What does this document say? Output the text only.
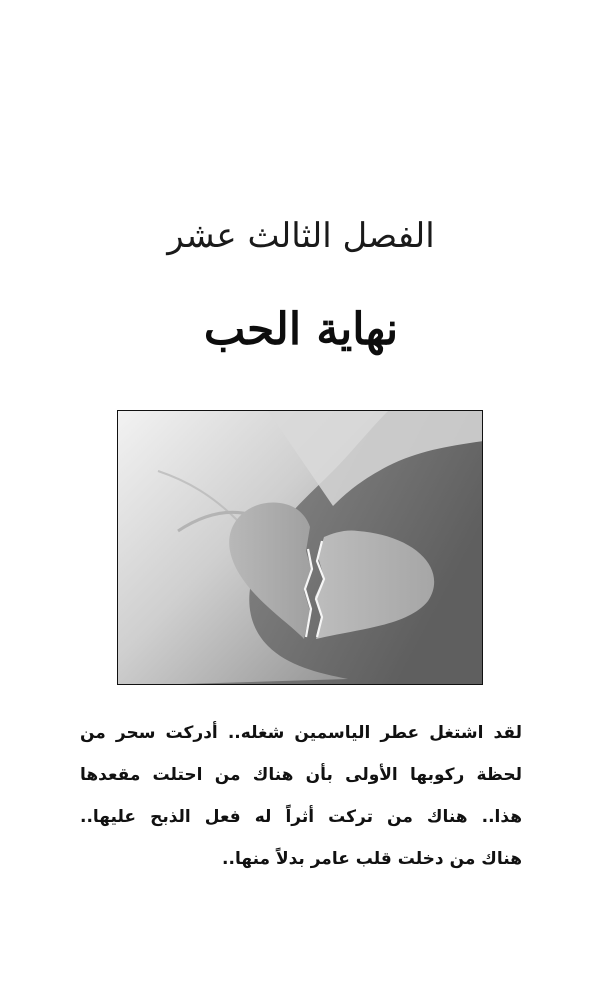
الفصل الثالث عشر
نهاية الحب
لقد اشتغل عطر الياسمين شغله.. أدركت سحر من
لحظة ركوبها الأولى بأن هناك من احتلت مقعدها
هذا.. هناك من تركت أثراً له فعل الذبح عليها..
هناك من دخلت قلب عامر بدلاً منها..
